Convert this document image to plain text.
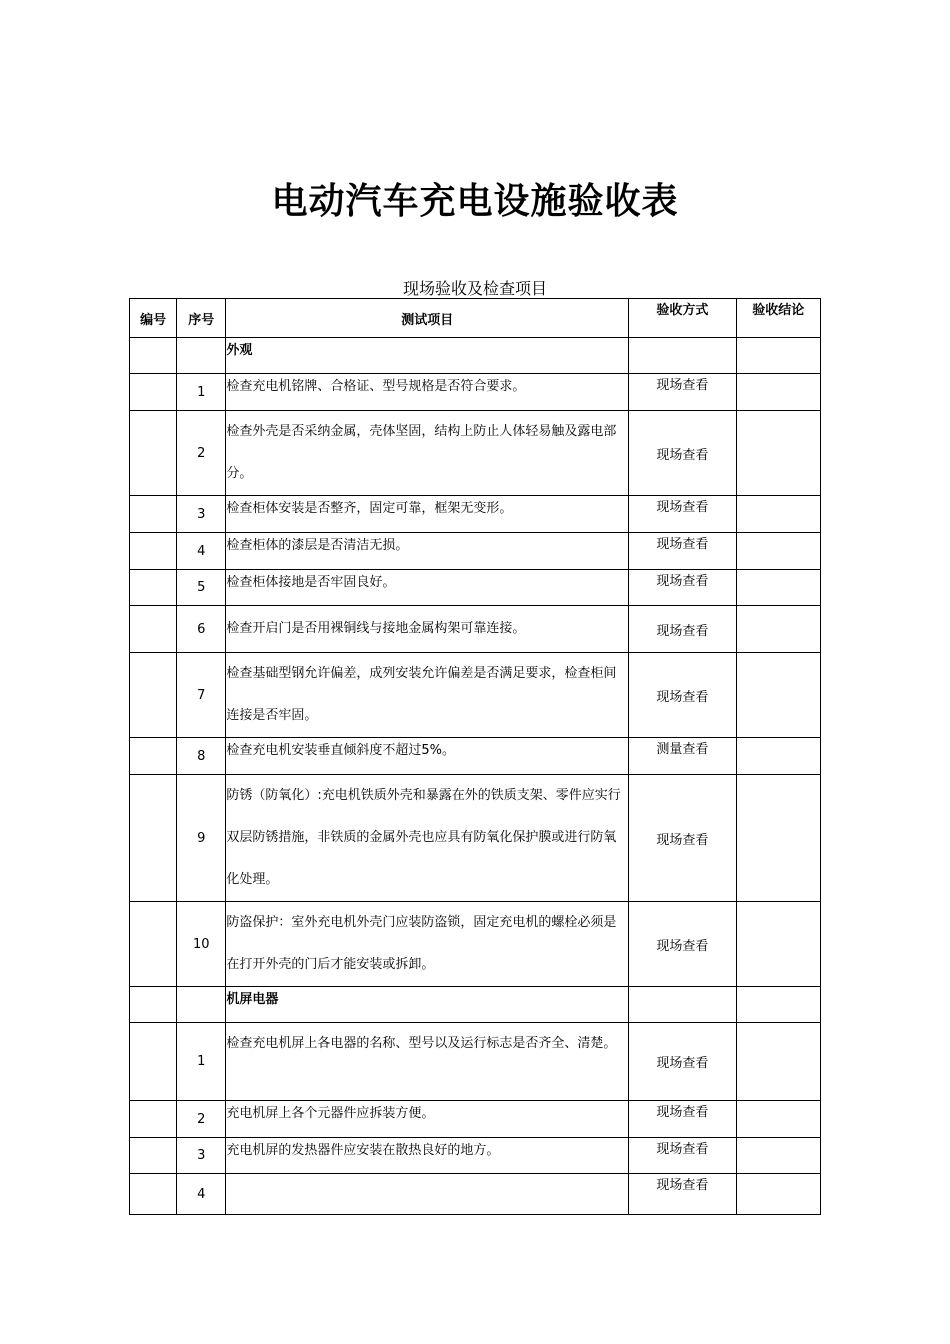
电动汽车充电设施验收表
现场验收及检查项目
编号	序号	测试项目	验收方式	验收结论
		外观		
	1	检查充电机铭牌、合格证、型号规格是否符合要求。	现场查看	
	2	检查外壳是否采纳金属，壳体坚固，结构上防止人体轻易触及露电部分。	现场查看	
	3	检查柜体安装是否整齐，固定可靠，框架无变形。	现场查看	
	4	检查柜体的漆层是否清洁无损。	现场查看	
	5	检查柜体接地是否牢固良好。	现场查看	
	6	检查开启门是否用裸铜线与接地金属构架可靠连接。	现场查看	
	7	检查基础型钢允许偏差，成列安装允许偏差是否满足要求，检查柜间连接是否牢固。	现场查看	
	8	检查充电机安装垂直倾斜度不超过5%。	测量查看	
	9	防锈（防氧化）:充电机铁质外壳和暴露在外的铁质支架、零件应实行双层防锈措施，非铁质的金属外壳也应具有防氧化保护膜或进行防氧化处理。	现场查看	
	10	防盗保护：室外充电机外壳门应装防盗锁，固定充电机的螺栓必须是在打开外壳的门后才能安装或拆卸。	现场查看	
		机屏电器		
	1	检查充电机屏上各电器的名称、型号以及运行标志是否齐全、清楚。	现场查看	
	2	充电机屏上各个元器件应拆装方便。	现场查看	
	3	充电机屏的发热器件应安装在散热良好的地方。	现场查看	
	4		现场查看	
